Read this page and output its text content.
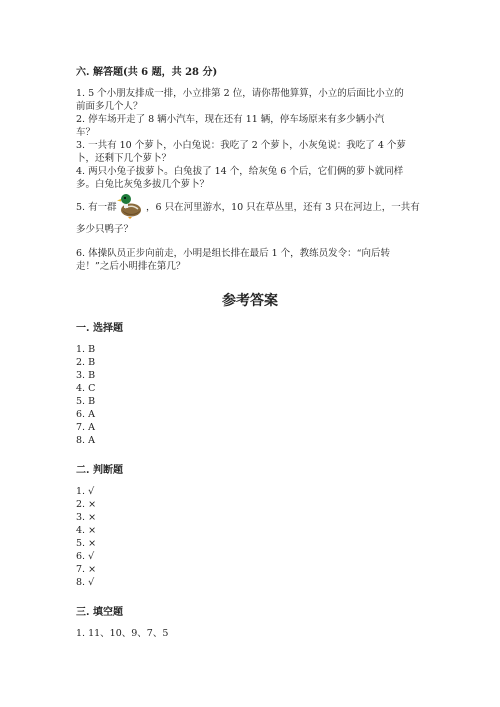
六. 解答题(共 6 题，共 28 分)
1. 5 个小朋友排成一排，小立排第 2 位，请你帮他算算，小立的后面比小立的
前面多几个人？
2. 停车场开走了 8 辆小汽车，现在还有 11 辆，停车场原来有多少辆小汽
车？
3. 一共有 10 个萝卜，小白兔说：我吃了 2 个萝卜，小灰兔说：我吃了 4 个萝
卜，还剩下几个萝卜？
4. 两只小兔子拔萝卜。白兔拔了 14 个，给灰兔 6 个后，它们俩的萝卜就同样
多。白兔比灰兔多拔几个萝卜？
5. 有一群	，6 只在河里游水，10 只在草丛里，还有 3 只在河边上，一共有
多少只鸭子？
6. 体操队员正步向前走，小明是组长排在最后 1 个，教练员发令：“向后转
走！”之后小明排在第几？
参考答案
一. 选择题
1. B
2. B
3. B
4. C
5. B
6. A
7. A
8. A
二. 判断题
1. √
2. ×
3. ×
4. ×
5. ×
6. √
7. ×
8. √
三. 填空题
1. 11、10、9、7、5
